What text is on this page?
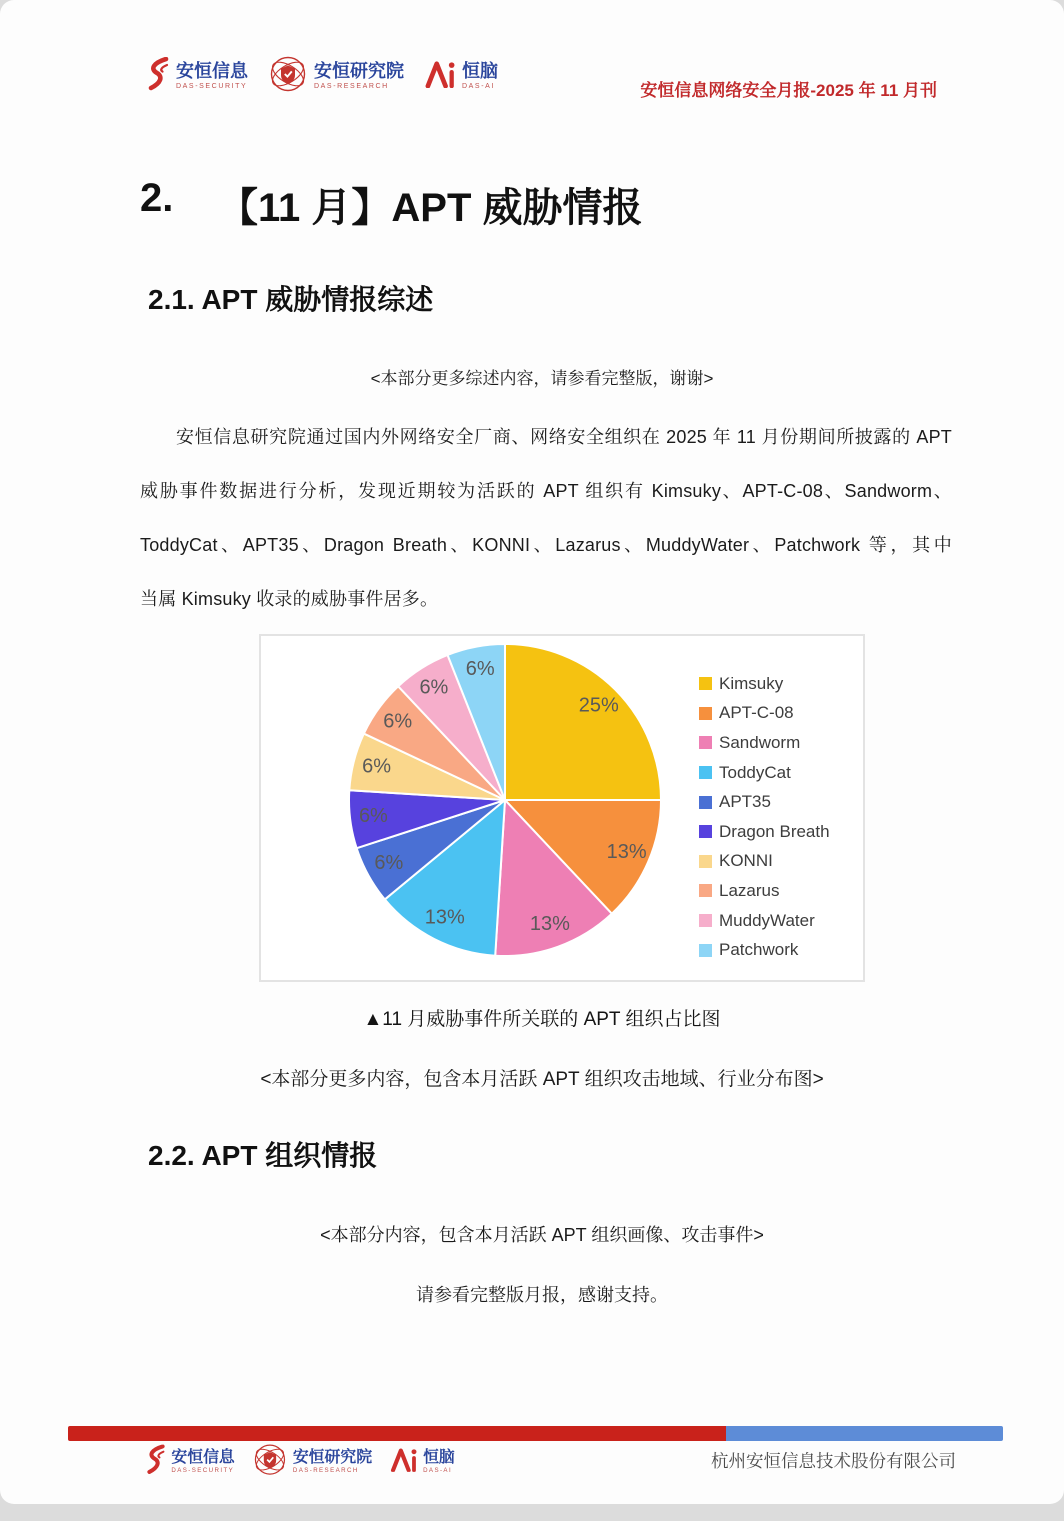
安恒信息
DAS-SECURITY
安恒研究院
DAS-RESEARCH
恒脑
DAS-AI	安恒信息网络安全月报-2025 年 11 月刊
2.	【11 月】APT 威胁情报
2.1. APT 威胁情报综述
<本部分更多综述内容，请参看完整版，谢谢>
安恒信息研究院通过国内外网络安全厂商、网络安全组织在 2025 年 11 月份期间所披露的 APT
威胁事件数据进行分析，发现近期较为活跃的 APT 组织有 Kimsuky、APT-C-08、Sandworm、
ToddyCat、APT35、Dragon Breath、KONNI、Lazarus、MuddyWater、Patchwork 等，其中
当属 Kimsuky 收录的威胁事件居多。
25%
13%
13%
13%
6%
6%
6%
6%
6%
6%
Kimsuky
APT-C-08
Sandworm
ToddyCat
APT35
Dragon Breath
KONNI
Lazarus
MuddyWater
Patchwork
▲11 月威胁事件所关联的 APT 组织占比图
<本部分更多内容，包含本月活跃 APT 组织攻击地域、行业分布图>
2.2. APT 组织情报
<本部分内容，包含本月活跃 APT 组织画像、攻击事件>
请参看完整版月报，感谢支持。
安恒信息
DAS-SECURITY
安恒研究院
DAS-RESEARCH
恒脑
DAS-AI	杭州安恒信息技术股份有限公司
